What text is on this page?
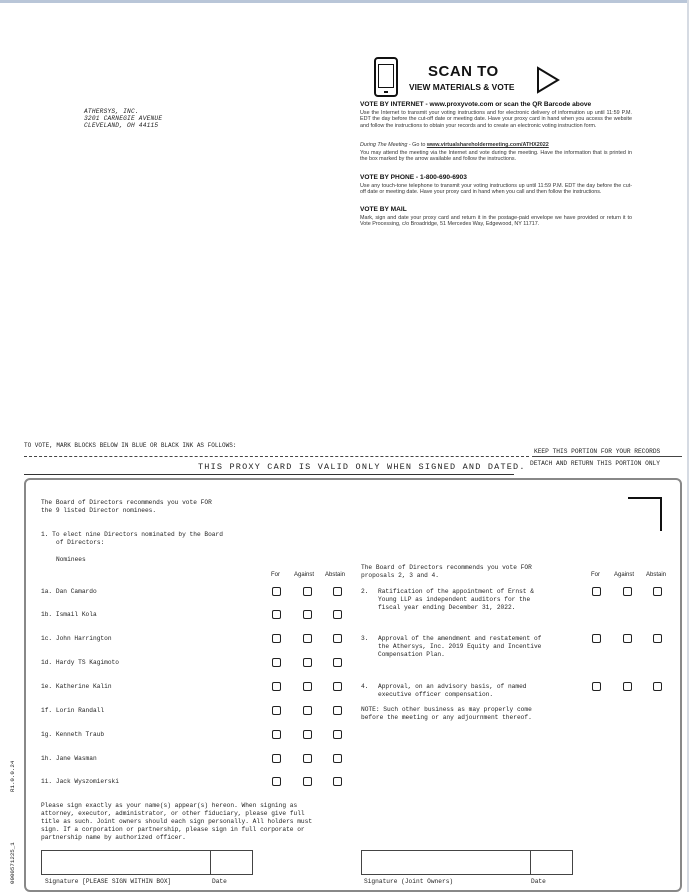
ATHERSYS, INC.
3201 CARNEGIE AVENUE
CLEVELAND, OH 44115
SCAN TO
VIEW MATERIALS & VOTE
VOTE BY INTERNET - www.proxyvote.com or scan the QR Barcode above
Use the Internet to transmit your voting instructions and for electronic delivery of information up until 11:59 P.M. EDT the day before the cut-off date or meeting date. Have your proxy card in hand when you access the website and follow the instructions to obtain your records and to create an electronic voting instruction form.
During The Meeting - Go to www.virtualshareholdermeeting.com/ATHX2022
You may attend the meeting via the Internet and vote during the meeting. Have the information that is printed in the box marked by the arrow available and follow the instructions.
VOTE BY PHONE - 1-800-690-6903
Use any touch-tone telephone to transmit your voting instructions up until 11:59 P.M. EDT the day before the cut-off date or meeting date. Have your proxy card in hand when you call and then follow the instructions.
VOTE BY MAIL
Mark, sign and date your proxy card and return it in the postage-paid envelope we have provided or return it to Vote Processing, c/o Broadridge, 51 Mercedes Way, Edgewood, NY 11717.
TO VOTE, MARK BLOCKS BELOW IN BLUE OR BLACK INK AS FOLLOWS:
KEEP THIS PORTION FOR YOUR RECORDS
THIS PROXY CARD IS VALID ONLY WHEN SIGNED AND DATED. DETACH AND RETURN THIS PORTION ONLY
The Board of Directors recommends you vote FOR
the 9 listed Director nominees.
1. To elect nine Directors nominated by the Board
of Directors:
Nominees
For Against Abstain
1a. Dan Camardo
1b. Ismail Kola
1c. John Harrington
1d. Hardy TS Kagimoto
1e. Katherine Kalin
1f. Lorin Randall
1g. Kenneth Traub
1h. Jane Wasman
1i. Jack Wyszomierski
The Board of Directors recommends you vote FOR
proposals 2, 3 and 4.	For Against Abstain
2. Ratification of the appointment of Ernst &
Young LLP as independent auditors for the
fiscal year ending December 31, 2022.
3. Approval of the amendment and restatement of
the Athersys, Inc. 2019 Equity and Incentive
Compensation Plan.
4. Approval, on an advisory basis, of named
executive officer compensation.
NOTE: Such other business as may properly come
before the meeting or any adjournment thereof.
Please sign exactly as your name(s) appear(s) hereon. When signing as
attorney, executor, administrator, or other fiduciary, please give full
title as such. Joint owners should each sign personally. All holders must
sign. If a corporation or partnership, please sign in full corporate or
partnership name by authorized officer.
Signature [PLEASE SIGN WITHIN BOX]	Date	Signature (Joint Owners)	Date
0000571225_1
R1.0.0.24
